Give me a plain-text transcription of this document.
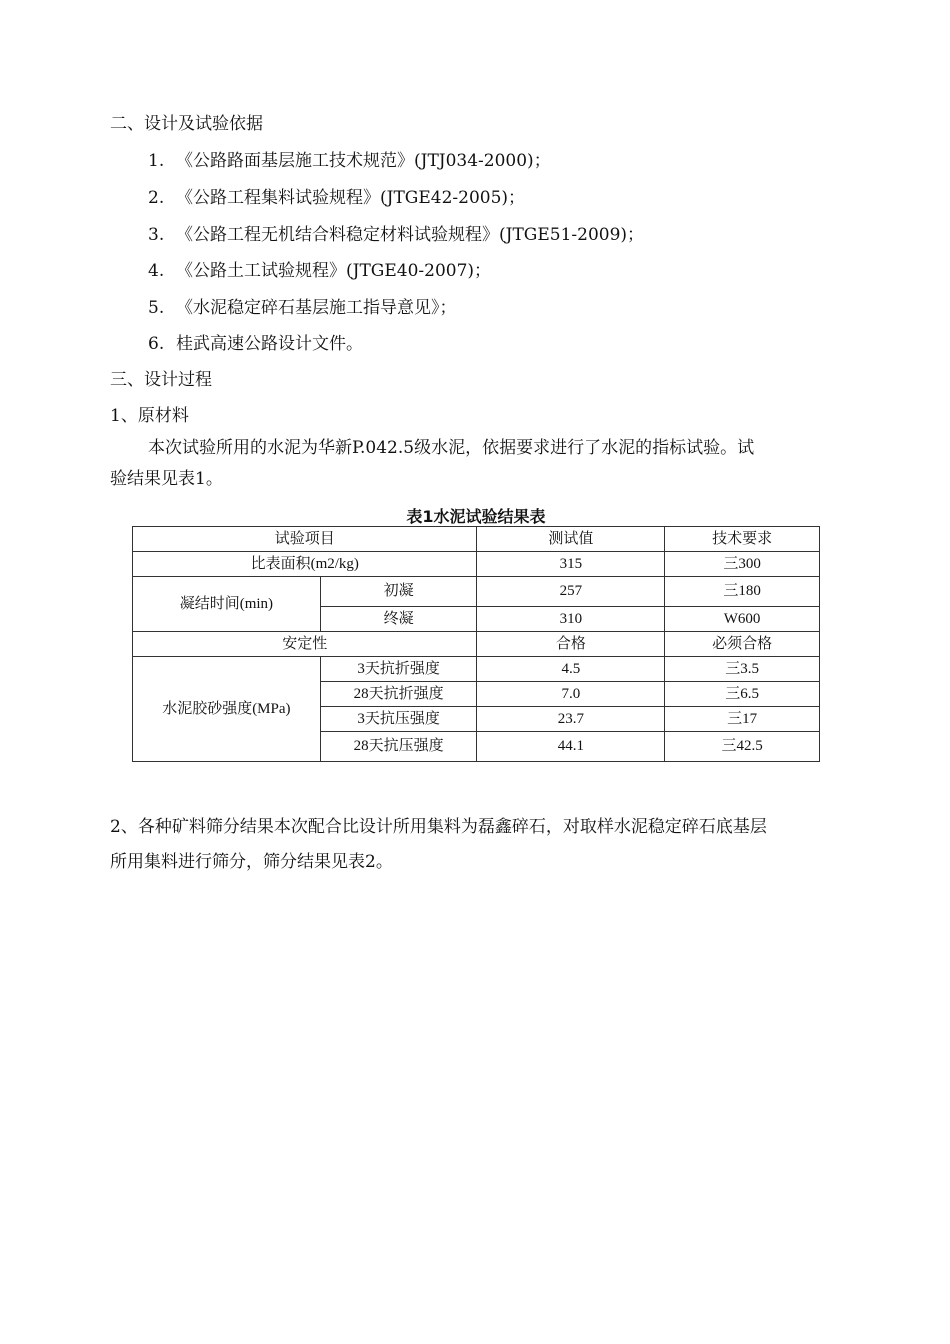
二、设计及试验依据
1. 《公路路面基层施工技术规范》(JTJ034-2000)；
2. 《公路工程集料试验规程》(JTGE42-2005)；
3. 《公路工程无机结合料稳定材料试验规程》(JTGE51-2009)；
4. 《公路土工试验规程》(JTGE40-2007)；
5. 《水泥稳定碎石基层施工指导意见》；
6. 桂武高速公路设计文件。
三、设计过程
1、原材料
本次试验所用的水泥为华新P.042.5级水泥，依据要求进行了水泥的指标试验。试
验结果见表1。
表1水泥试验结果表
试验项目		测试值	技术要求
比表面积(m2/kg)		315	三300
凝结时间(min)	初凝	257	三180
	终凝	310	W600
安定性		合格	必须合格
水泥胶砂强度(MPa)	3天抗折强度	4.5	三3.5
	28天抗折强度	7.0	三6.5
	3天抗压强度	23.7	三17
	28天抗压强度	44.1	三42.5
2、各种矿料筛分结果本次配合比设计所用集料为磊鑫碎石，对取样水泥稳定碎石底基层
所用集料进行筛分，筛分结果见表2。
